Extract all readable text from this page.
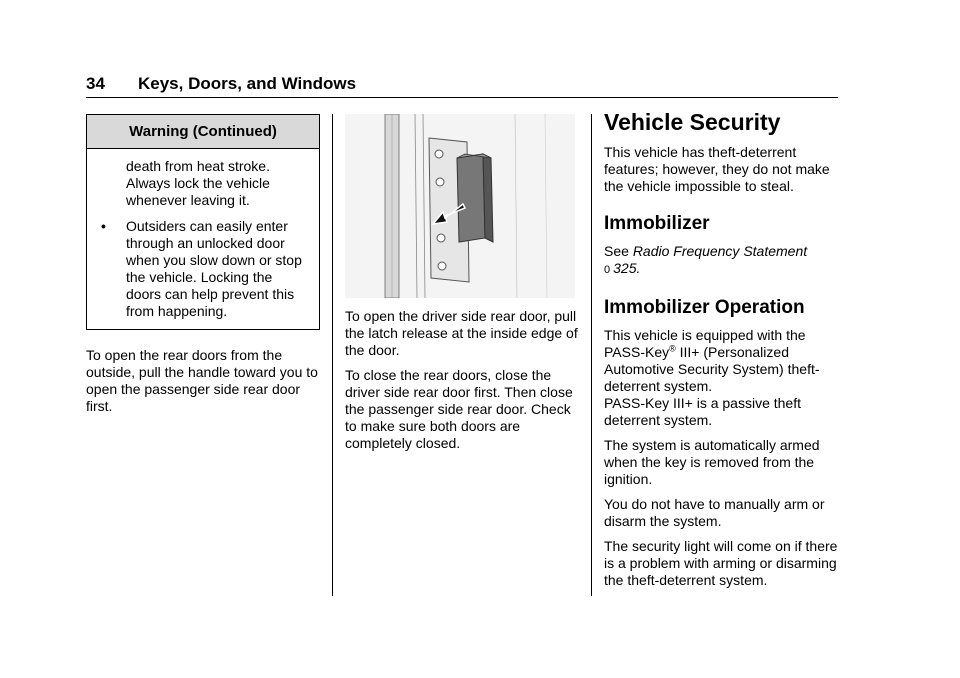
34 Keys, Doors, and Windows
Warning (Continued)
death from heat stroke. Always lock the vehicle whenever leaving it.
•	Outsiders can easily enter through an unlocked door when you slow down or stop the vehicle. Locking the doors can help prevent this from happening.

To open the rear doors from the outside, pull the handle toward you to open the passenger side rear door first.

To open the driver side rear door, pull the latch release at the inside edge of the door.

To close the rear doors, close the driver side rear door first. Then close the passenger side rear door. Check to make sure both doors are completely closed.

Vehicle Security

This vehicle has theft-deterrent features; however, they do not make the vehicle impossible to steal.

Immobilizer

See Radio Frequency Statement
0 325.

Immobilizer Operation

This vehicle is equipped with the PASS-Key® III+ (Personalized Automotive Security System) theft-deterrent system.
PASS-Key III+ is a passive theft deterrent system.

The system is automatically armed when the key is removed from the ignition.

You do not have to manually arm or disarm the system.

The security light will come on if there is a problem with arming or disarming the theft-deterrent system.
